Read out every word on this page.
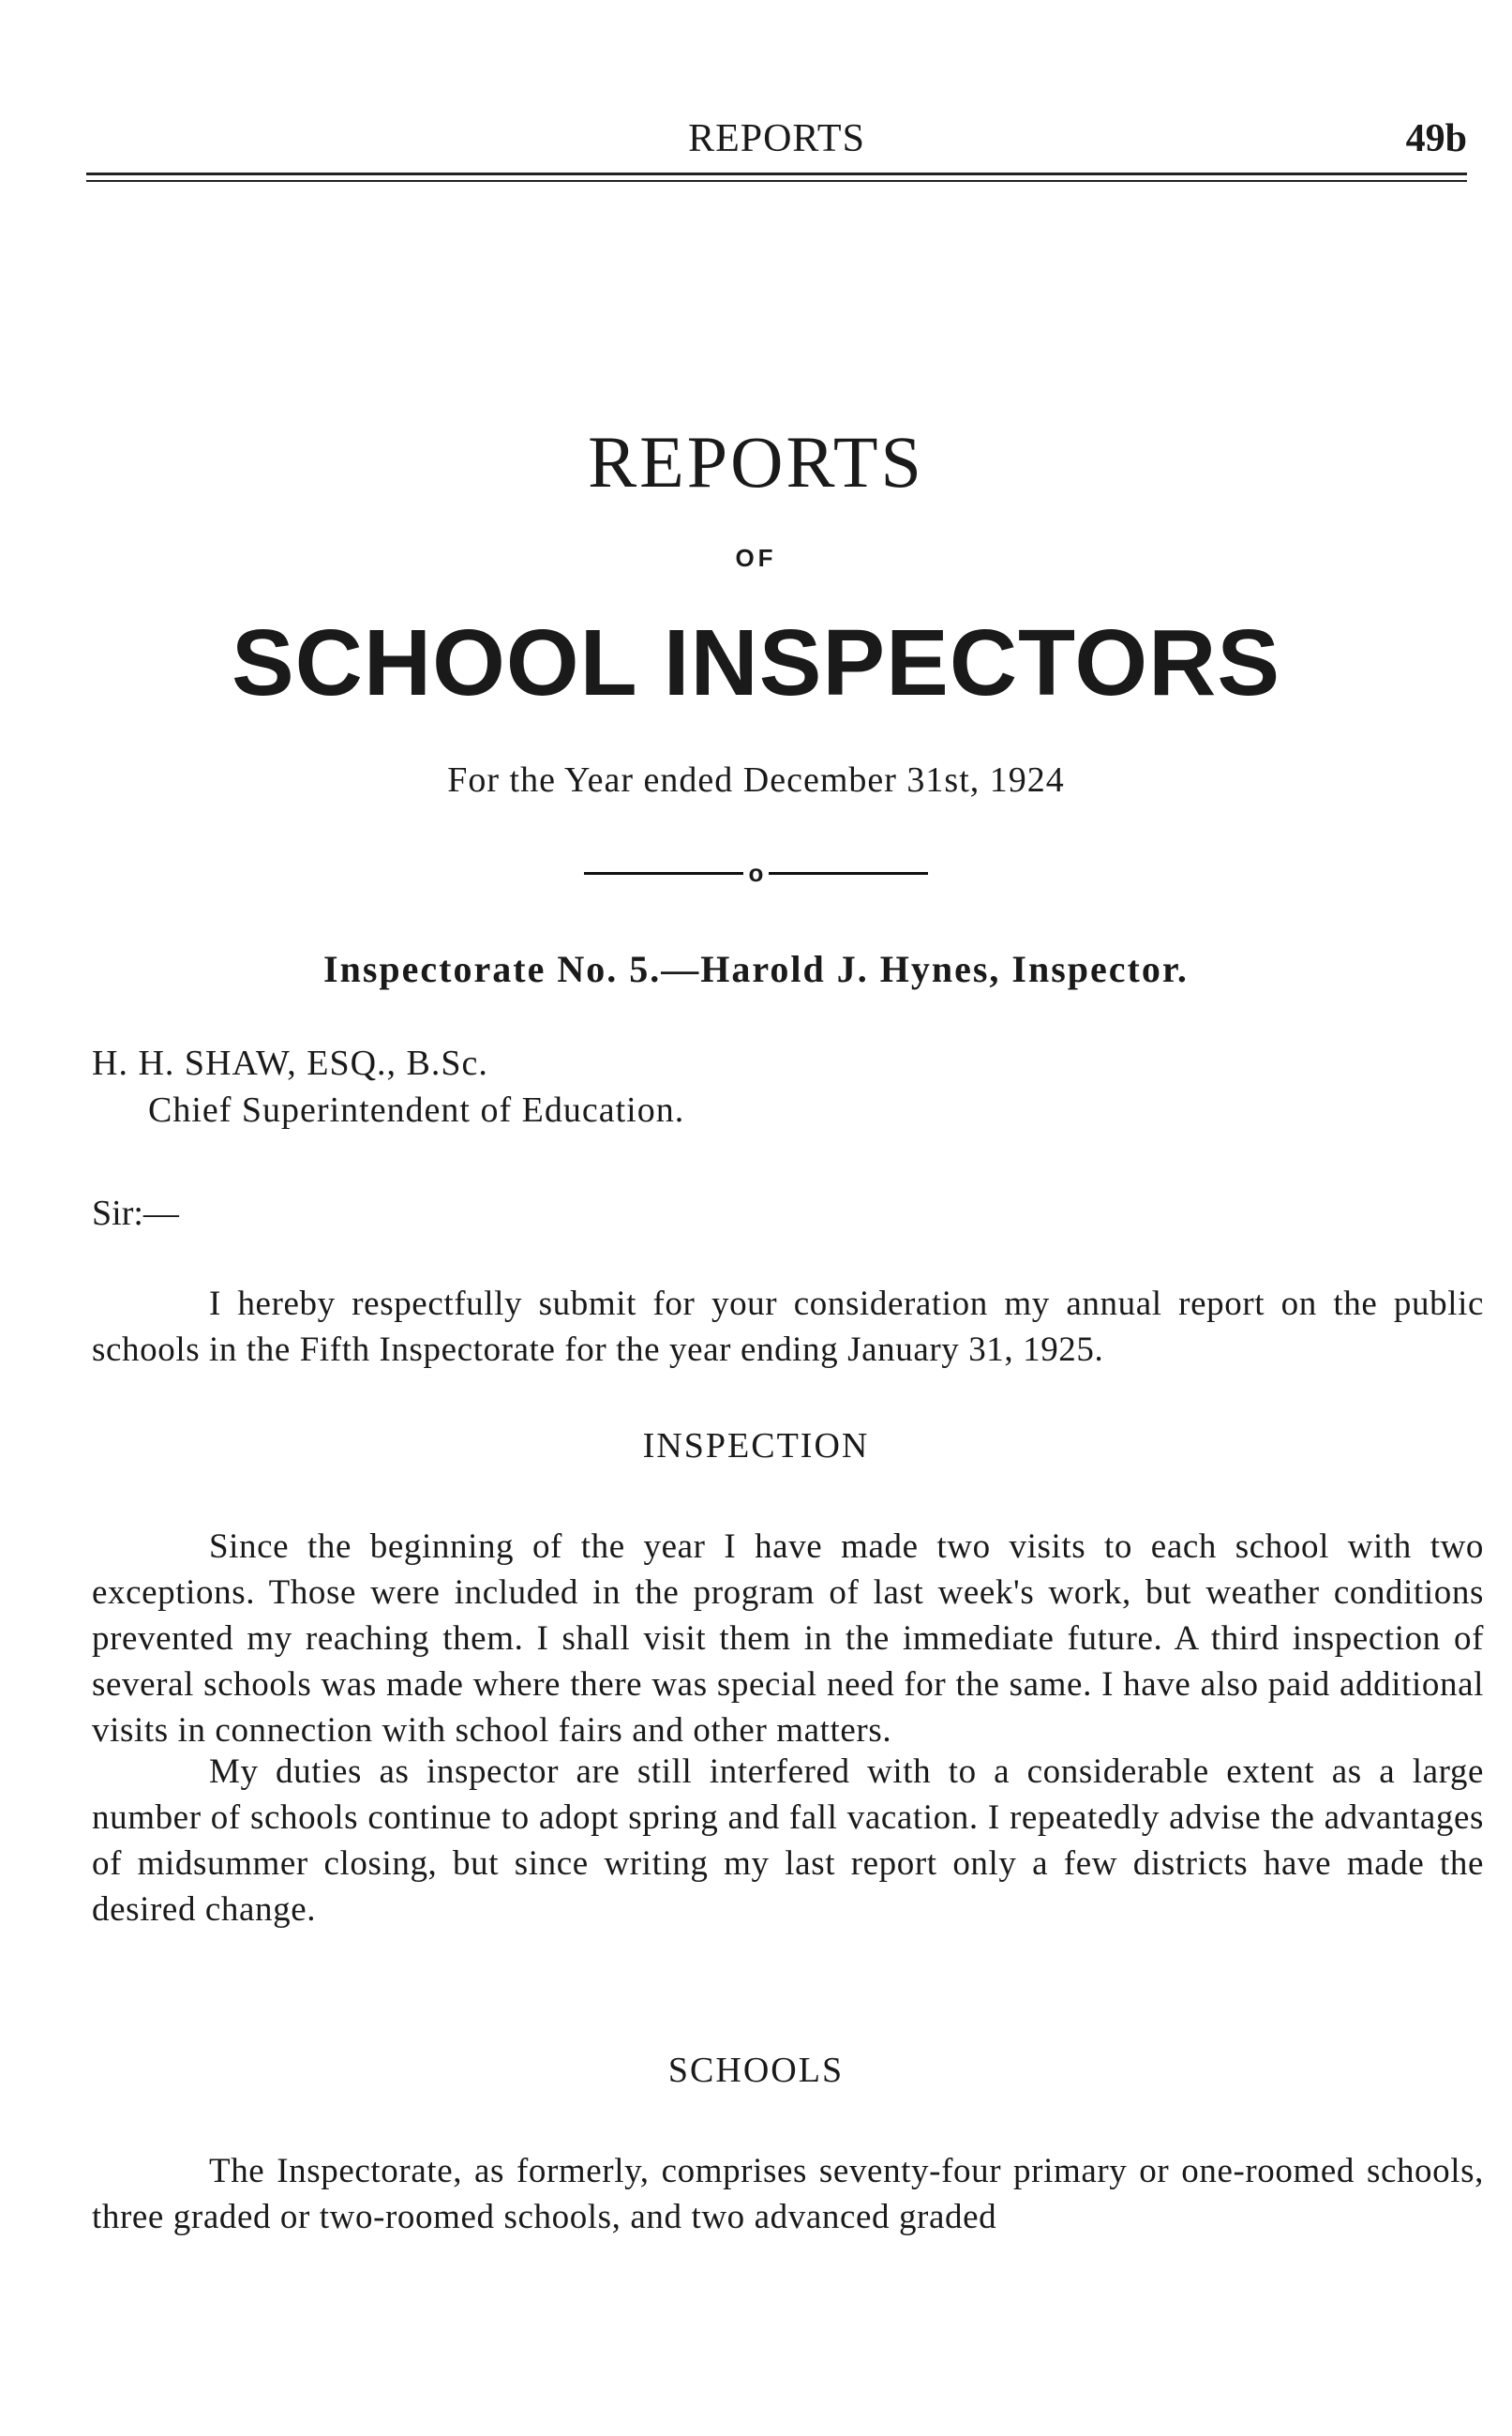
REPORTS	49b
REPORTS
OF
SCHOOL INSPECTORS
For the Year ended December 31st, 1924
o
Inspectorate No. 5.—Harold J. Hynes, Inspector.
H. H. SHAW, ESQ., B.Sc.
Chief Superintendent of Education.
Sir:—

I hereby respectfully submit for your consideration my annual report on the public schools in the Fifth Inspectorate for the year ending January 31, 1925.

INSPECTION

Since the beginning of the year I have made two visits to each school with two exceptions. Those were included in the program of last week's work, but weather conditions prevented my reaching them. I shall visit them in the immediate future. A third inspection of several schools was made where there was special need for the same. I have also paid additional visits in connection with school fairs and other matters.

My duties as inspector are still interfered with to a considerable extent as a large number of schools continue to adopt spring and fall vacation. I repeatedly advise the advantages of midsummer closing, but since writing my last report only a few districts have made the desired change.

SCHOOLS

The Inspectorate, as formerly, comprises seventy-four primary or one-roomed schools, three graded or two-roomed schools, and two advanced graded
